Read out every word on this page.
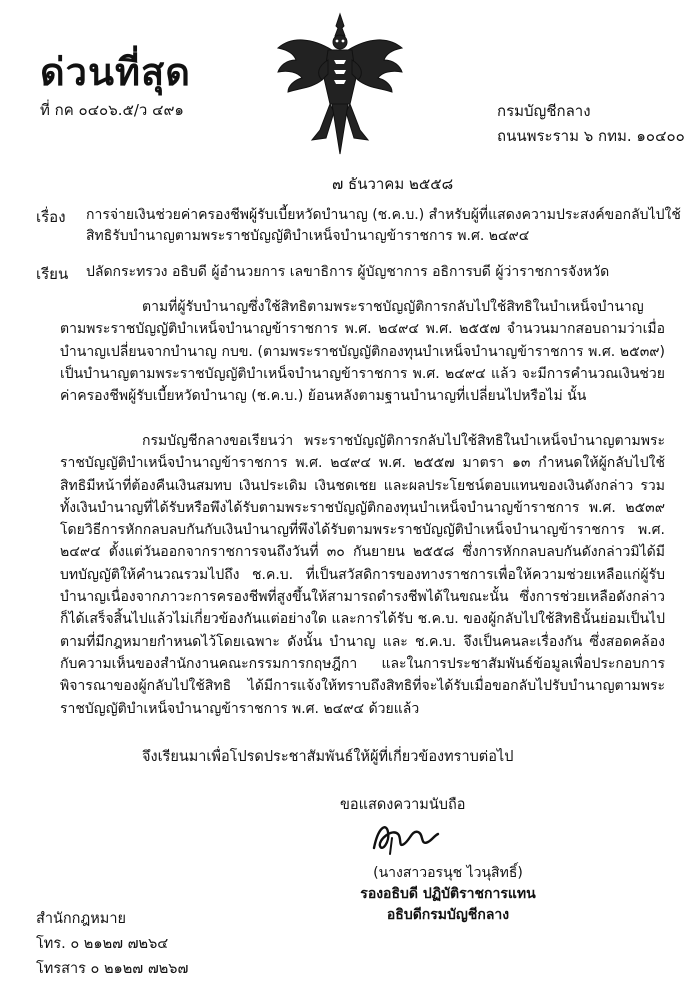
ด่วนที่สุด
ที่ กค ๐๔๐๖.๕/ว ๔๙๑	กรมบัญชีกลาง
ถนนพระราม ๖ กทม. ๑๐๔๐๐
๗ ธันวาคม ๒๕๕๘
เรื่อง การจ่ายเงินช่วยค่าครองชีพผู้รับเบี้ยหวัดบำนาญ (ช.ค.บ.) สำหรับผู้ที่แสดงความประสงค์ขอกลับไปใช้สิทธิรับบำนาญตามพระราชบัญญัติบำเหน็จบำนาญข้าราชการ พ.ศ. ๒๔๙๔
เรียน ปลัดกระทรวง อธิบดี ผู้อำนวยการ เลขาธิการ ผู้บัญชาการ อธิการบดี ผู้ว่าราชการจังหวัด

ตามที่ผู้รับบำนาญซึ่งใช้สิทธิตามพระราชบัญญัติการกลับไปใช้สิทธิในบำเหน็จบำนาญตามพระราชบัญญัติบำเหน็จบำนาญข้าราชการ พ.ศ. ๒๔๙๔ พ.ศ. ๒๕๕๗ จำนวนมากสอบถามว่าเมื่อบำนาญเปลี่ยนจากบำนาญ กบข. (ตามพระราชบัญญัติกองทุนบำเหน็จบำนาญข้าราชการ พ.ศ. ๒๕๓๙) เป็นบำนาญตามพระราชบัญญัติบำเหน็จบำนาญข้าราชการ พ.ศ. ๒๔๙๔ แล้ว จะมีการคำนวณเงินช่วยค่าครองชีพผู้รับเบี้ยหวัดบำนาญ (ช.ค.บ.) ย้อนหลังตามฐานบำนาญที่เปลี่ยนไปหรือไม่ นั้น

กรมบัญชีกลางขอเรียนว่า พระราชบัญญัติการกลับไปใช้สิทธิในบำเหน็จบำนาญตามพระราชบัญญัติบำเหน็จบำนาญข้าราชการ พ.ศ. ๒๔๙๔ พ.ศ. ๒๕๕๗ มาตรา ๑๓ กำหนดให้ผู้กลับไปใช้สิทธิมีหน้าที่ต้องคืนเงินสมทบ เงินประเดิม เงินชดเชย และผลประโยชน์ตอบแทนของเงินดังกล่าว รวมทั้งเงินบำนาญที่ได้รับหรือพึงได้รับตามพระราชบัญญัติกองทุนบำเหน็จบำนาญข้าราชการ พ.ศ. ๒๕๓๙ โดยวิธีการหักกลบลบกันกับเงินบำนาญที่พึงได้รับตามพระราชบัญญัติบำเหน็จบำนาญข้าราชการ พ.ศ. ๒๔๙๔ ตั้งแต่วันออกจากราชการจนถึงวันที่ ๓๐ กันยายน ๒๕๕๘ ซึ่งการหักกลบลบกันดังกล่าวมิได้มีบทบัญญัติให้คำนวณรวมไปถึง ช.ค.บ. ที่เป็นสวัสดิการของทางราชการเพื่อให้ความช่วยเหลือแก่ผู้รับบำนาญเนื่องจากภาวะการครองชีพที่สูงขึ้นให้สามารถดำรงชีพได้ในขณะนั้น ซึ่งการช่วยเหลือดังกล่าวก็ได้เสร็จสิ้นไปแล้วไม่เกี่ยวข้องกันแต่อย่างใด และการได้รับ ช.ค.บ. ของผู้กลับไปใช้สิทธินั้นย่อมเป็นไปตามที่มีกฎหมายกำหนดไว้โดยเฉพาะ ดังนั้น บำนาญ และ ช.ค.บ. จึงเป็นคนละเรื่องกัน ซึ่งสอดคล้องกับความเห็นของสำนักงานคณะกรรมการกฤษฎีกา และในการประชาสัมพันธ์ข้อมูลเพื่อประกอบการพิจารณาของผู้กลับไปใช้สิทธิ ได้มีการแจ้งให้ทราบถึงสิทธิที่จะได้รับเมื่อขอกลับไปรับบำนาญตามพระราชบัญญัติบำเหน็จบำนาญข้าราชการ พ.ศ. ๒๔๙๔ ด้วยแล้ว

จึงเรียนมาเพื่อโปรดประชาสัมพันธ์ให้ผู้ที่เกี่ยวข้องทราบต่อไป
ขอแสดงความนับถือ
(นางสาวอรนุช ไวนุสิทธิ์)
รองอธิบดี ปฏิบัติราชการแทน
อธิบดีกรมบัญชีกลาง
สำนักกฎหมาย
โทร. ๐ ๒๑๒๗ ๗๒๖๔
โทรสาร ๐ ๒๑๒๗ ๗๒๖๗
